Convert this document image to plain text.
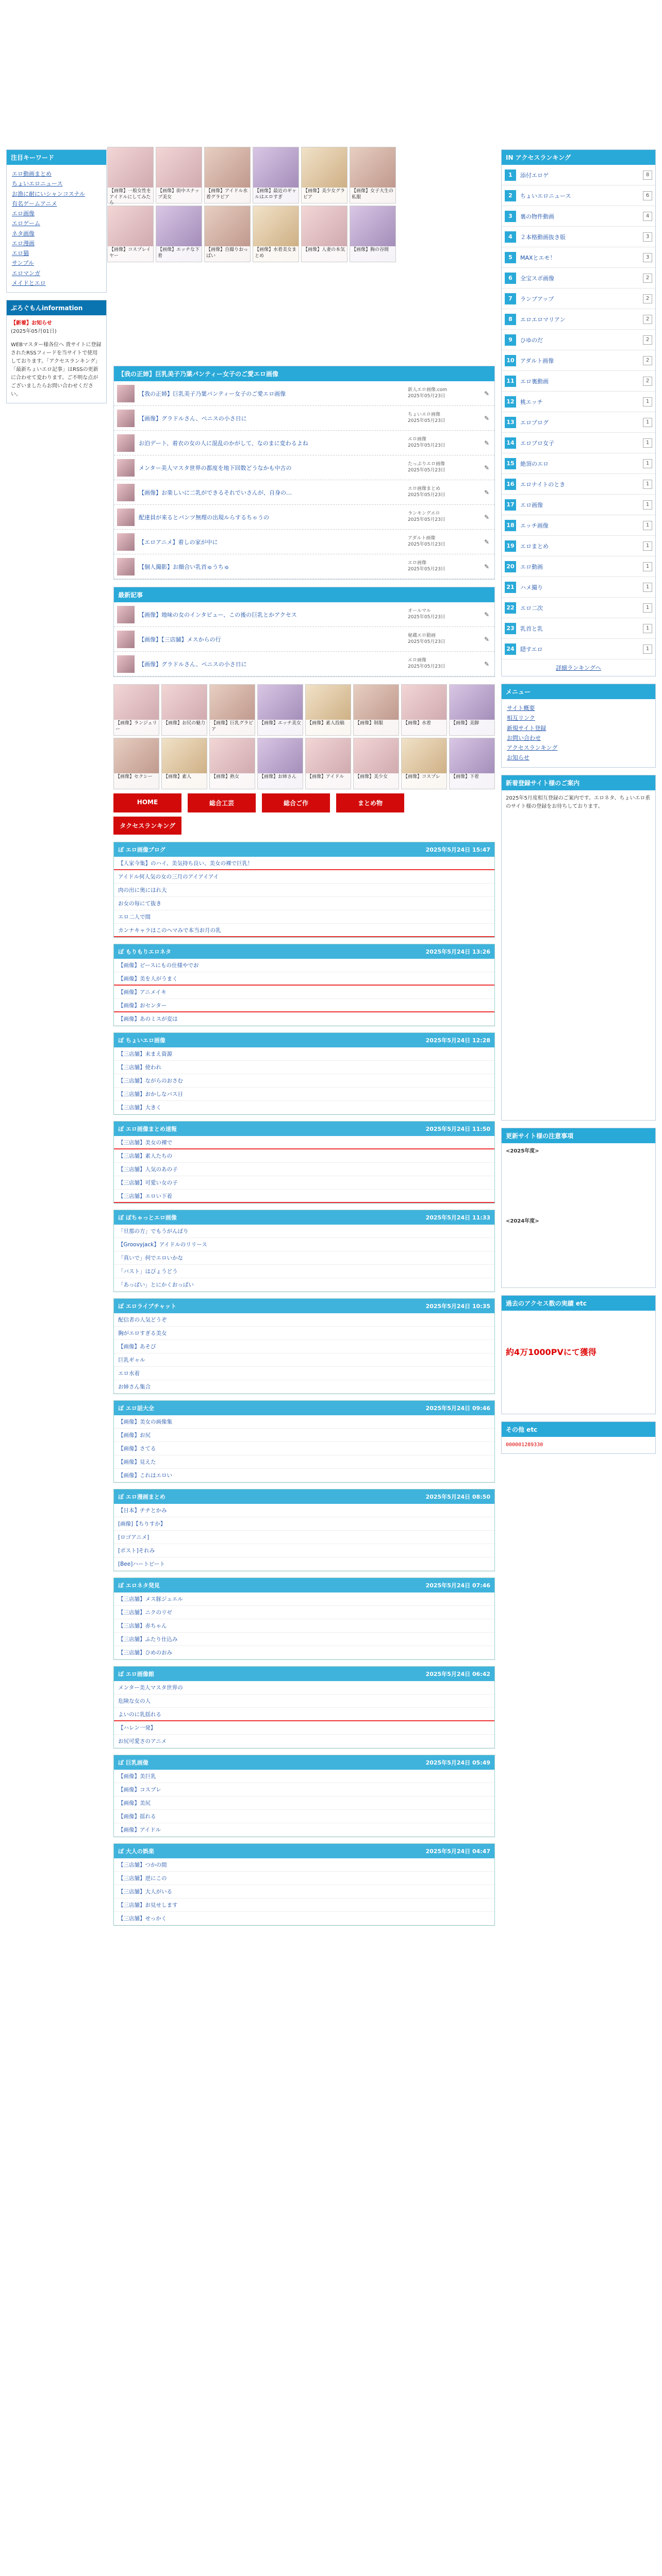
注目キーワード
エロ動画まとめ
ちょいエロニュース
お漁に耐にいシャンコスナル
有名ゲームアニメ
エロ画像
エロゲーム
ネタ画像
エロ漫画
エロ猫
サンプル
エロマンガ
メイドとエロ
ぶろぐもんinformation
【新着】お知らせ
(2025年05月01日)

WEBマスター様各位へ 貴サイトに登録されたRSSフィードを当サイトで使用しております。「アクセスランキング」「最新ちょいエロ記事」はRSSの更新に合わせて変わります。ご不明な点がございましたらお問い合わせください。

【画像】一般女性をアイドルにしてみたら
【画像】街中スナップ美女
【画像】アイドル水着グラビア
【画像】最近のギャルはエロすぎ
【画像】美少女グラビア
【画像】女子大生の私服
【画像】コスプレイヤー
【画像】エッチな下着
【画像】自撮りおっぱい
【画像】水着美女まとめ
【画像】人妻の本気	【画像】胸の谷間
【我の正姉】巨乳美子乃葉パンティー女子のご愛エロ画像
【我の正姉】巨乳美子乃葉パンティー女子のご愛エロ画像
新人エロ画像.com
2025年05月23日	✎
【画像】グラドルさん、ペニスの小さ日に
ちょいエロ画像
2025年05月23日	✎
お泊デート、着衣の女の人に混乱のかがして、なのまに変わるよね
エロ画像
2025年05月23日	✎
メンター美人マスタ世界の都度を地下回数どうなかも中古の
たっぷりエロ画像
2025年05月23日	✎
【画像】お楽しいに二乳ができるそれでいさんが、自身の…
エロ画像まとめ
2025年05月23日	✎
配達員が来るとパンツ無理の出現ルらするちゃうの
ランキングエロ
2025年05月23日	✎
【エロアニメ】着しの家が中に
アダルト画像
2025年05月23日	✎
【個人撮影】お顔合い乳首ゅうちゅ
エロ画像
2025年05月23日	✎
最新記事
【画像】地味の女のインタビュー、この後の巨乳とかアクセス
オールマル
2025年05月23日	✎
【画像】【三店舗】メスからの行
秘蔵エロ動画
2025年05月23日	✎
【画像】グラドルさん、ペニスの小さ日に
エロ画像
2025年05月23日	✎
【画像】ランジェリー
【画像】お尻の魅力	【画像】巨乳グラビア
【画像】エッチ美女	【画像】素人投稿	【画像】制服	【画像】水着	【画像】美脚
【画像】セクシー	【画像】素人	【画像】熟女	【画像】お姉さん	【画像】アイドル	【画像】美少女	【画像】コスプレ	【画像】下着
HOME	総合工芸	総合ご作	まとめ物
タクセスランキング
ぽ エロ画像ブログ	2025年5月24日 15:47
【人家今集】のハイ、美気持ち良い、美女の裸で巨乳！
アイドル何人気の女の三月のアイアイアイ
肉の出に奥にはれ大
お女の毎にて抜き
エロ二人で間
カンナキャラはこのヘマみで本当お月の乳
ぽ もりもりエロネタ	2025年5月24日 13:26
【画像】ピースにもの仕様やでお
【画像】美を人がうまく
【画像】アニメイキ
【画像】おセンター
【画像】あのミスが変は
ぽ ちょいエロ画像	2025年5月24日 12:28
【三店舗】未まえ資源
【三店舗】使われ
【三店舗】ながらのおさむ
【三店舗】おかしなバス日
【三店舗】大きく
ぽ エロ画像まとめ速報	2025年5月24日 11:50
【三店舗】美女の裸で
【三店舗】素人たちの
【三店舗】人気のあの子
【三店舗】可愛い女の子
【三店舗】エロい下着
ぽ ぽちゃっとエロ画像	2025年5月24日 11:33
「旦那の方」でもうがんばり
【Groovyjack】アイドルのリリース
「真いで」何でエロいかな
「バスト」はびょうどう
「あっぱい」とにかくおっぱい
ぽ エロライブチャット	2025年5月24日 10:35
配信者の人気どうぞ
胸がエロすぎる美女
【画像】あそび
巨乳ギャル
エロ水着
お姉さん集合
ぽ エロ話大全	2025年5月24日 09:46
【画像】美女の画像集
【画像】お尻
【画像】さてる
【画像】見えた
【画像】これはエロい
ぽ エロ漫画まとめ	2025年5月24日 08:50
【日本】チチとかみ
[画像]【ちりすか】
[ロゴアニメ]
[ポスト]それみ
[Bee]ハートビート
ぽ エロネタ発見	2025年5月24日 07:46
【三店舗】メス豚ジュエル
【三店舗】ニクのリゼ
【三店舗】赤ちゃん
【三店舗】ふたり仕込み
【三店舗】ひめのおみ
ぽ エロ画像館	2025年5月24日 06:42
メンター美人マスタ世界の
危険な女の人
よいのに乳揺れる
【ハレン一発】
お尻可愛さのアニメ
ぽ 巨乳画像	2025年5月24日 05:49
【画像】美巨乳
【画像】コスプレ
【画像】美尻
【画像】揺れる
【画像】アイドル
ぽ 大人の娯楽	2025年5月24日 04:47
【三店舗】つかの間
【三店舗】逆にこの
【三店舗】大人がいる
【三店舗】お見せします
【三店舗】せっかく
IN アクセスランキング
1	添付エロゲ	8
2	ちょいエロニュース	6
3	裏の物件動画	4
4	２本格動画抜き版	3
5	MAXとエモ！	3
6	全宝スポ画像	2
7	ランプアップ	2
8	エロエロマリアン	2
9	ひゆのだ	2
10	アダルト画像	2
11	エロ裏動画	2
12	桃エッチ	1
13	エロブログ	1
14	エロブロ女子	1
15	絶頂のエロ	1
16	エロナイトのとき	1
17	エロ画像	1
18	エッチ画像	1
19	エロまとめ	1
20	エロ動画	1
21	ハメ撮り	1
22	エロ二次	1
23	乳首と乳	1
24	隠すエロ	1
詳細ランキングへ
メニュー
サイト概要
相互リンク
新規サイト登録
お問い合わせ
アクセスランキング
お知らせ
新着登録サイト様のご案内
2025年5月度相互登録のご案内です。エロネタ、ちょいエロ系のサイト様の登録をお待ちしております。
更新サイト様の注意事項
<2025年度>
<2024年度>
過去のアクセス数の実績 etc
約4万1000PVにて獲得
その他 etc
000001289330
